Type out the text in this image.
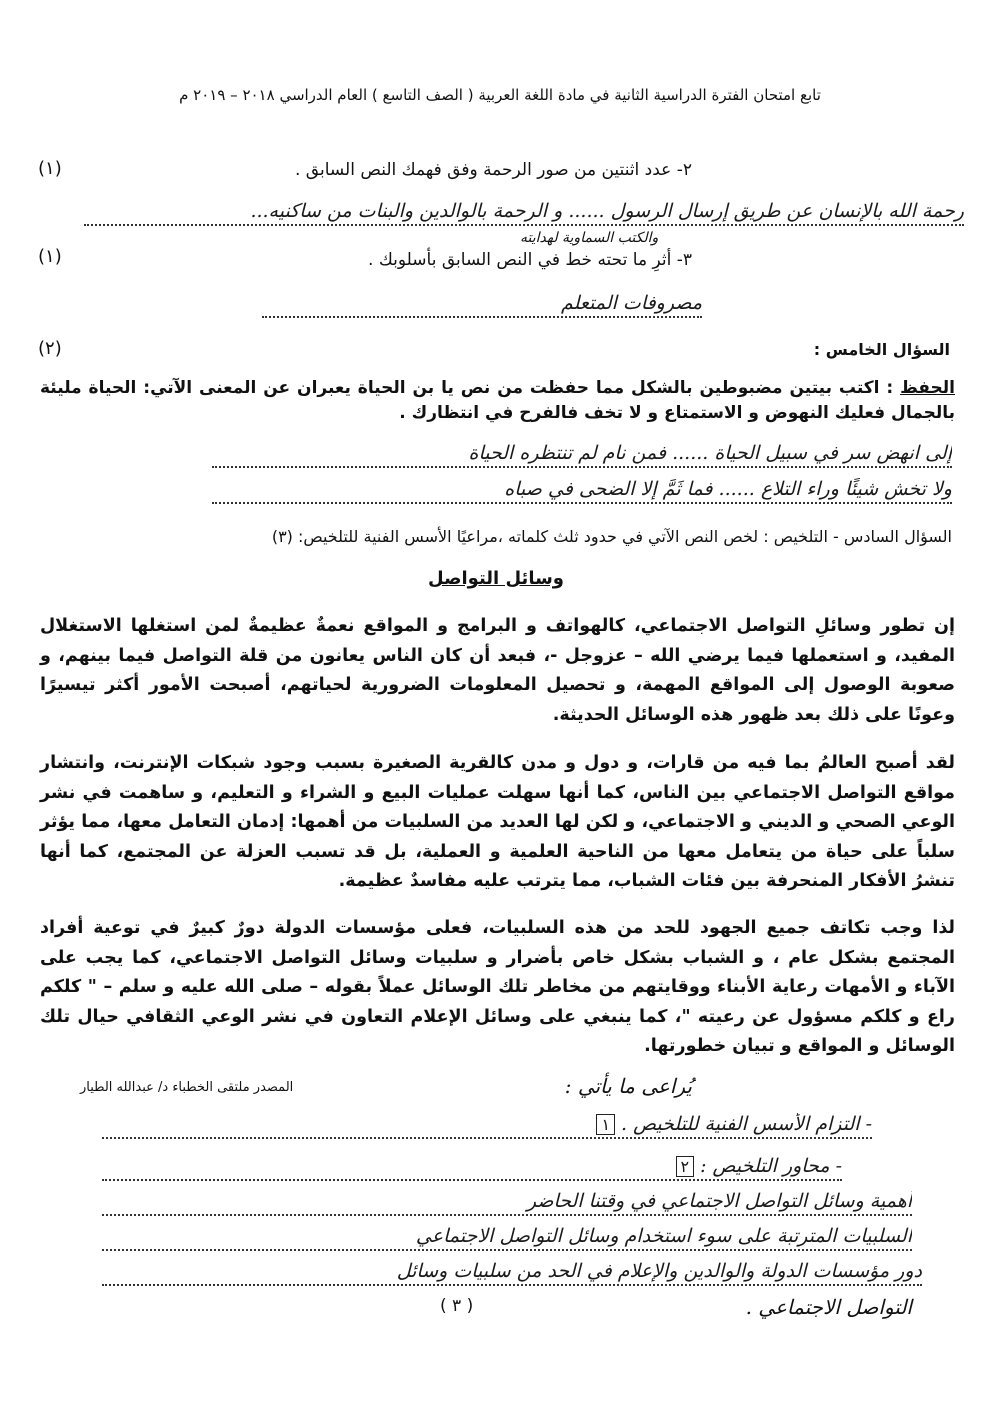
تابع امتحان الفترة الدراسية الثانية في مادة اللغة العربية ( الصف التاسع ) العام الدراسي ٢٠١٨ – ٢٠١٩ م
٢- عدد اثنتين من صور الرحمة وفق فهمك النص السابق .
(١)
رحمة الله بالإنسان عن طريق إرسال الرسول ...... و الرحمة بالوالدين والبنات من ساكنيه...
والكتب السماوية لهدايته
٣- أثرِ ما تحته خط في النص السابق بأسلوبك .
(١)
مصروفات المتعلم
السؤال الخامس :
(٢)
الحفظ : اكتب بيتين مضبوطين بالشكل مما حفظت من نص يا بن الحياة يعبران عن المعنى الآتي: الحياة مليئة بالجمال فعليك النهوض و الاستمتاع و لا تخف فالفرح في انتظارك .
إلى انهض سر في سبيل الحياة ...... فمن نام لم تنتظره الحياة
ولا تخش شيئًا وراء التلاع ...... فما ثَمَّ إلا الضحى في صباه
السؤال السادس - التلخيص : لخص النص الآتي في حدود ثلث كلماته ،مراعيًا الأسس الفنية للتلخيص: (٣)
وسائل التواصل
إن تطور وسائلِ التواصل الاجتماعي، كالهواتف و البرامج و المواقع نعمةٌ عظيمةٌ لمن استغلها الاستغلال المفيد، و استعملها فيما يرضي الله – عزوجل -، فبعد أن كان الناس يعانون من قلة التواصل فيما بينهم، و صعوبة الوصول إلى المواقع المهمة، و تحصيل المعلومات الضرورية لحياتهم، أصبحت الأمور أكثر تيسيرًا وعونًا على ذلك بعد ظهور هذه الوسائل الحديثة.
لقد أصبح العالمُ بما فيه من قارات، و دول و مدن كالقرية الصغيرة بسبب وجود شبكات الإنترنت، وانتشار مواقع التواصل الاجتماعي بين الناس، كما أنها سهلت عمليات البيع و الشراء و التعليم، و ساهمت في نشر الوعي الصحي و الديني و الاجتماعي، و لكن لها العديد من السلبيات من أهمها: إدمان التعامل معها، مما يؤثر سلباً على حياة من يتعامل معها من الناحية العلمية و العملية، بل قد تسبب العزلة عن المجتمع، كما أنها تنشرُ الأفكار المنحرفة بين فئات الشباب، مما يترتب عليه مفاسدٌ عظيمة.
لذا وجب تكاتف جميع الجهود للحد من هذه السلبيات، فعلى مؤسسات الدولة دورٌ كبيرٌ في توعية أفراد المجتمع بشكل عام ، و الشباب بشكل خاص بأضرار و سلبيات وسائل التواصل الاجتماعي، كما يجب على الآباء و الأمهات رعاية الأبناء ووقايتهم من مخاطر تلك الوسائل عملاً بقوله – صلى الله عليه و سلم – " كلكم راع و كلكم مسؤول عن رعيته "، كما ينبغي على وسائل الإعلام التعاون في نشر الوعي الثقافي حيال تلك الوسائل و المواقع و تبيان خطورتها.
المصدر ملتقى الخطباء د/ عبدالله الطيار	يُراعى ما يأتي :
- التزام الأسس الفنية للتلخيص .١
- محاور التلخيص :٢
أهمية وسائل التواصل الاجتماعي في وقتنا الحاضر
السلبيات المترتبة على سوء استخدام وسائل التواصل الاجتماعي
دور مؤسسات الدولة والوالدين والإعلام في الحد من سلبيات وسائل
التواصل الاجتماعي .
( ٣ )
